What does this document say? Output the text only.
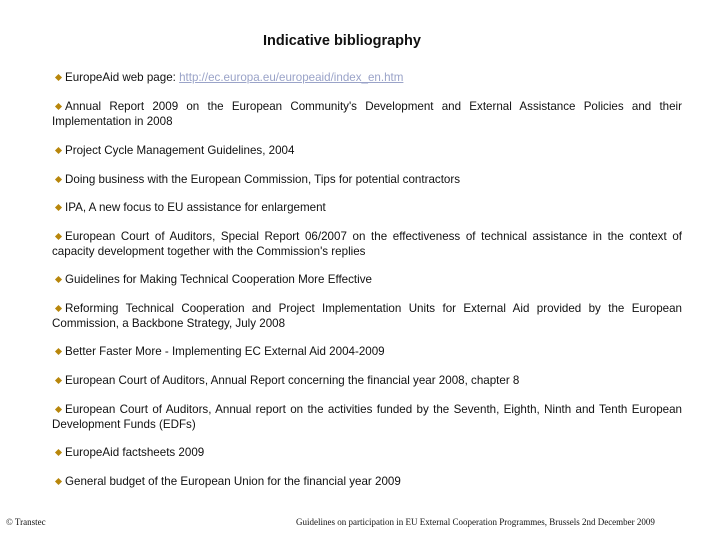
Indicative bibliography
EuropeAid web page: http://ec.europa.eu/europeaid/index_en.htm
Annual Report 2009 on the European Community's Development and External Assistance Policies and their Implementation in 2008
Project Cycle Management Guidelines, 2004
Doing business with the European Commission, Tips for potential contractors
IPA, A new focus to EU assistance for enlargement
European Court of Auditors, Special Report 06/2007 on the effectiveness of technical assistance in the context of capacity development together with the Commission's replies
Guidelines for Making Technical Cooperation More Effective
Reforming Technical Cooperation and Project Implementation Units for External Aid provided by the European Commission, a Backbone Strategy, July 2008
Better Faster More - Implementing EC External Aid 2004-2009
European Court of Auditors, Annual Report concerning the financial year 2008, chapter 8
European Court of Auditors, Annual report on the activities funded by the Seventh, Eighth, Ninth and Tenth European Development Funds (EDFs)
EuropeAid factsheets 2009
General budget of the European Union for the financial year 2009
© Transtec	Guidelines on participation in EU External Cooperation Programmes, Brussels 2nd December 2009
